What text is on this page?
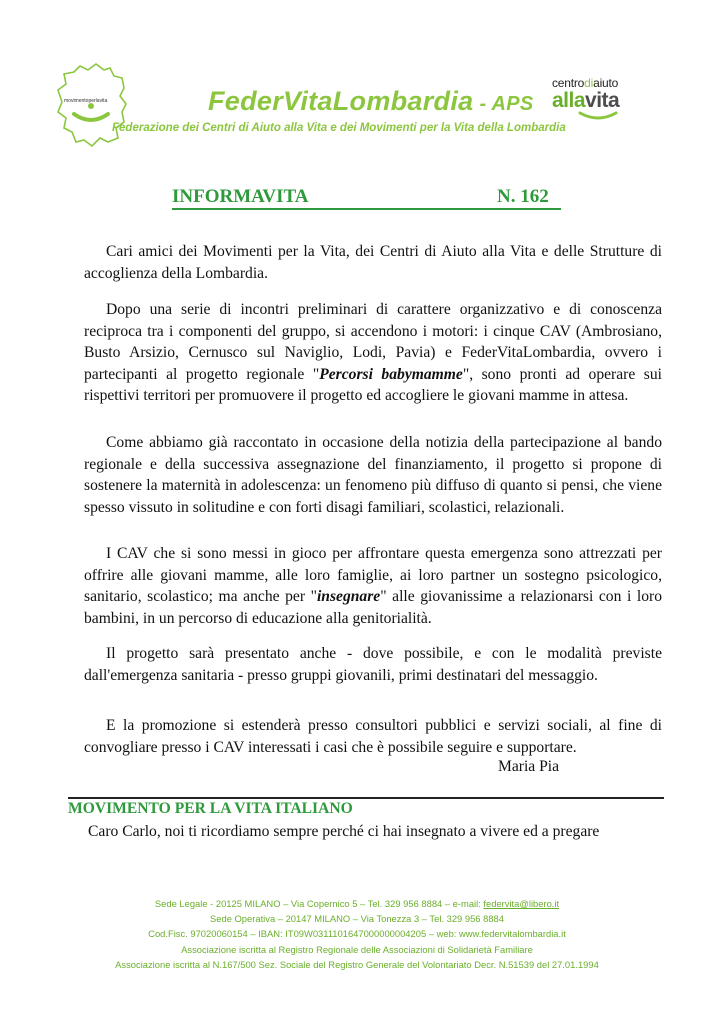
movimentoperlavita	FederVitaLombardia - APS
Federazione dei Centri di Aiuto alla Vita e dei Movimenti per la Vita della Lombardia
centrodiaiuto
allavita
INFORMAVITA	N. 162

Cari amici dei Movimenti per la Vita, dei Centri di Aiuto alla Vita e delle Strutture di accoglienza della Lombardia.

Dopo una serie di incontri preliminari di carattere organizzativo e di conoscenza reciproca tra i componenti del gruppo, si accendono i motori: i cinque CAV (Ambrosiano, Busto Arsizio, Cernusco sul Naviglio, Lodi, Pavia) e FederVitaLombardia, ovvero i partecipanti al progetto regionale "Percorsi babymamme", sono pronti ad operare sui rispettivi territori per promuovere il progetto ed accogliere le giovani mamme in attesa.

Come abbiamo già raccontato in occasione della notizia della partecipazione al bando regionale e della successiva assegnazione del finanziamento, il progetto si propone di sostenere la maternità in adolescenza: un fenomeno più diffuso di quanto si pensi, che viene spesso vissuto in solitudine e con forti disagi familiari, scolastici, relazionali.

I CAV che si sono messi in gioco per affrontare questa emergenza sono attrezzati per offrire alle giovani mamme, alle loro famiglie, ai loro partner un sostegno psicologico, sanitario, scolastico; ma anche per "insegnare" alle giovanissime a relazionarsi con i loro bambini, in un percorso di educazione alla genitorialità.

Il progetto sarà presentato anche - dove possibile, e con le modalità previste dall'emergenza sanitaria - presso gruppi giovanili, primi destinatari del messaggio.

E la promozione si estenderà presso consultori pubblici e servizi sociali, al fine di convogliare presso i CAV interessati i casi che è possibile seguire e supportare.

Maria Pia
MOVIMENTO PER LA VITA ITALIANO

Caro Carlo, noi ti ricordiamo sempre perché ci hai insegnato a vivere ed a pregare

Sede Legale - 20125 MILANO – Via Copernico 5 – Tel. 329 956 8884 – e-mail: federvita@libero.it
Sede Operativa – 20147 MILANO – Via Tonezza 3 – Tel. 329 956 8884
Cod.Fisc. 97020060154 – IBAN: IT09W0311101647000000004205 – web: www.federvitalombardia.it
Associazione iscritta al Registro Regionale delle Associazioni di Solidarietà Familiare
Associazione iscritta al N.167/500 Sez. Sociale del Registro Generale del Volontariato Decr. N.51539 del 27.01.1994
